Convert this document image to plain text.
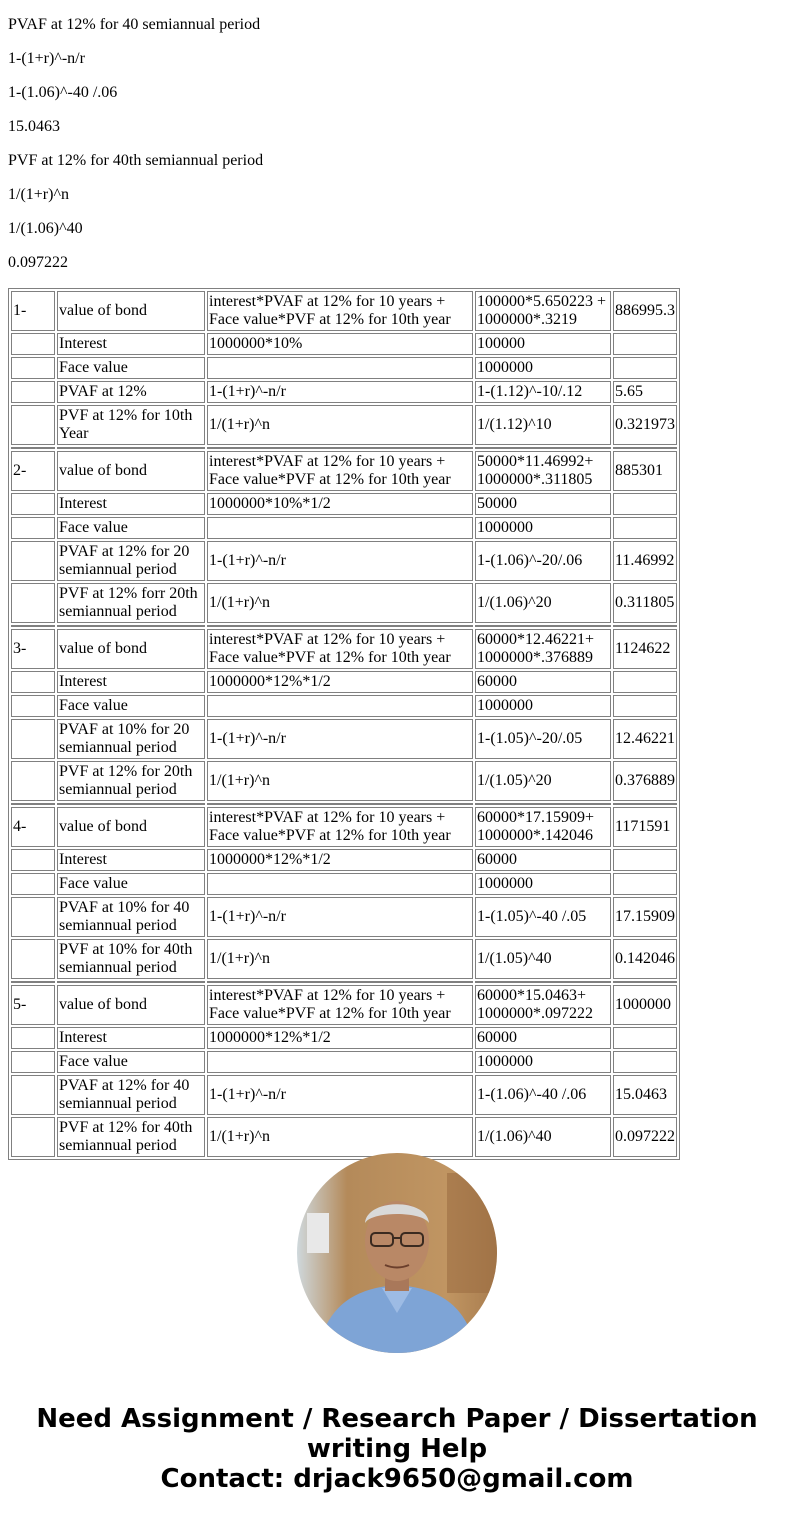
PVAF at 12% for 40 semiannual period

1-(1+r)^-n/r

1-(1.06)^-40 /.06

15.0463

PVF at 12% for 40th semiannual period

1/(1+r)^n

1/(1.06)^40

0.097222

1-	value of bond	interest*PVAF at 12% for 10 years + Face value*PVF at 12% for 10th year	100000*5.650223 + 1000000*.3219	886995.3
	Interest	1000000*10%	100000	
	Face value		1000000	
	PVAF at 12%	1-(1+r)^-n/r	1-(1.12)^-10/.12	5.65
	PVF at 12% for 10th Year	1/(1+r)^n	1/(1.12)^10	0.321973

2-	value of bond	interest*PVAF at 12% for 10 years + Face value*PVF at 12% for 10th year	50000*11.46992+ 1000000*.311805	885301
	Interest	1000000*10%*1/2	50000	
	Face value		1000000	
	PVAF at 12% for 20 semiannual period	1-(1+r)^-n/r	1-(1.06)^-20/.06	11.46992
	PVF at 12% forr 20th semiannual period	1/(1+r)^n	1/(1.06)^20	0.311805

3-	value of bond	interest*PVAF at 12% for 10 years + Face value*PVF at 12% for 10th year	60000*12.46221+ 1000000*.376889	1124622
	Interest	1000000*12%*1/2	60000	
	Face value		1000000	
	PVAF at 10% for 20 semiannual period	1-(1+r)^-n/r	1-(1.05)^-20/.05	12.46221
	PVF at 12% for 20th semiannual period	1/(1+r)^n	1/(1.05)^20	0.376889

4-	value of bond	interest*PVAF at 12% for 10 years + Face value*PVF at 12% for 10th year	60000*17.15909+ 1000000*.142046	1171591
	Interest	1000000*12%*1/2	60000	
	Face value		1000000	
	PVAF at 10% for 40 semiannual period	1-(1+r)^-n/r	1-(1.05)^-40 /.05	17.15909
	PVF at 10% for 40th semiannual period	1/(1+r)^n	1/(1.05)^40	0.142046

5-	value of bond	interest*PVAF at 12% for 10 years + Face value*PVF at 12% for 10th year	60000*15.0463+ 1000000*.097222	1000000
	Interest	1000000*12%*1/2	60000	
	Face value		1000000	
	PVAF at 12% for 40 semiannual period	1-(1+r)^-n/r	1-(1.06)^-40 /.06	15.0463
	PVF at 12% for 40th semiannual period	1/(1+r)^n	1/(1.06)^40	0.097222
Need Assignment / Research Paper / Dissertation
writing Help
Contact: drjack9650@gmail.com
